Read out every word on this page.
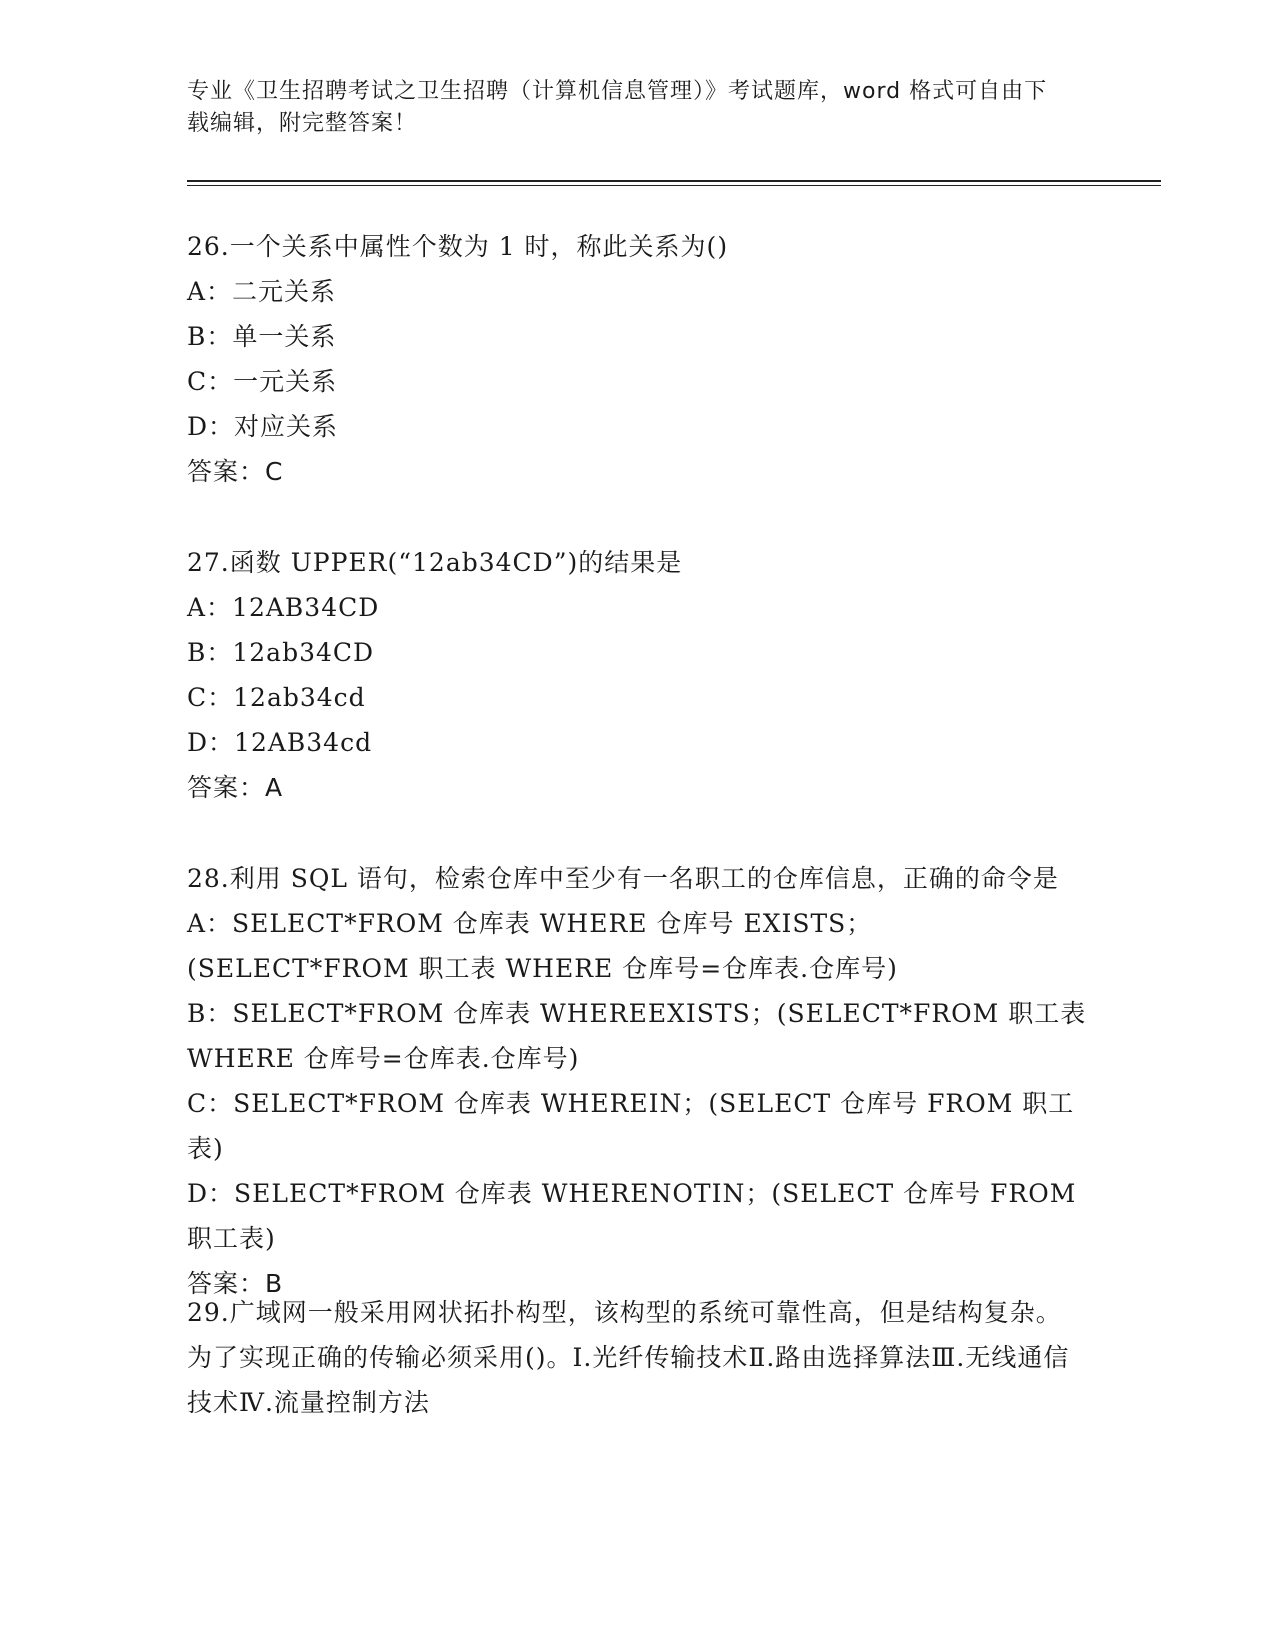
专业《卫生招聘考试之卫生招聘（计算机信息管理）》考试题库，word 格式可自由下载编辑，附完整答案！
26.一个关系中属性个数为 1 时，称此关系为()
A：二元关系
B：单一关系
C：一元关系
D：对应关系
答案：C
27.函数 UPPER(“12ab34CD”)的结果是
A：12AB34CD
B：12ab34CD
C：12ab34cd
D：12AB34cd
答案：A
28.利用 SQL 语句，检索仓库中至少有一名职工的仓库信息，正确的命令是
A：SELECT*FROM 仓库表 WHERE 仓库号 EXISTS；(SELECT*FROM 职工表 WHERE 仓库号=仓库表.仓库号)
B：SELECT*FROM 仓库表 WHEREEXISTS；(SELECT*FROM 职工表 WHERE 仓库号=仓库表.仓库号)
C：SELECT*FROM 仓库表 WHEREIN；(SELECT 仓库号 FROM 职工表)
D：SELECT*FROM 仓库表 WHERENOTIN；(SELECT 仓库号 FROM 职工表)
答案：B
29.广域网一般采用网状拓扑构型，该构型的系统可靠性高，但是结构复杂。为了实现正确的传输必须采用()。Ⅰ.光纤传输技术Ⅱ.路由选择算法Ⅲ.无线通信技术Ⅳ.流量控制方法
